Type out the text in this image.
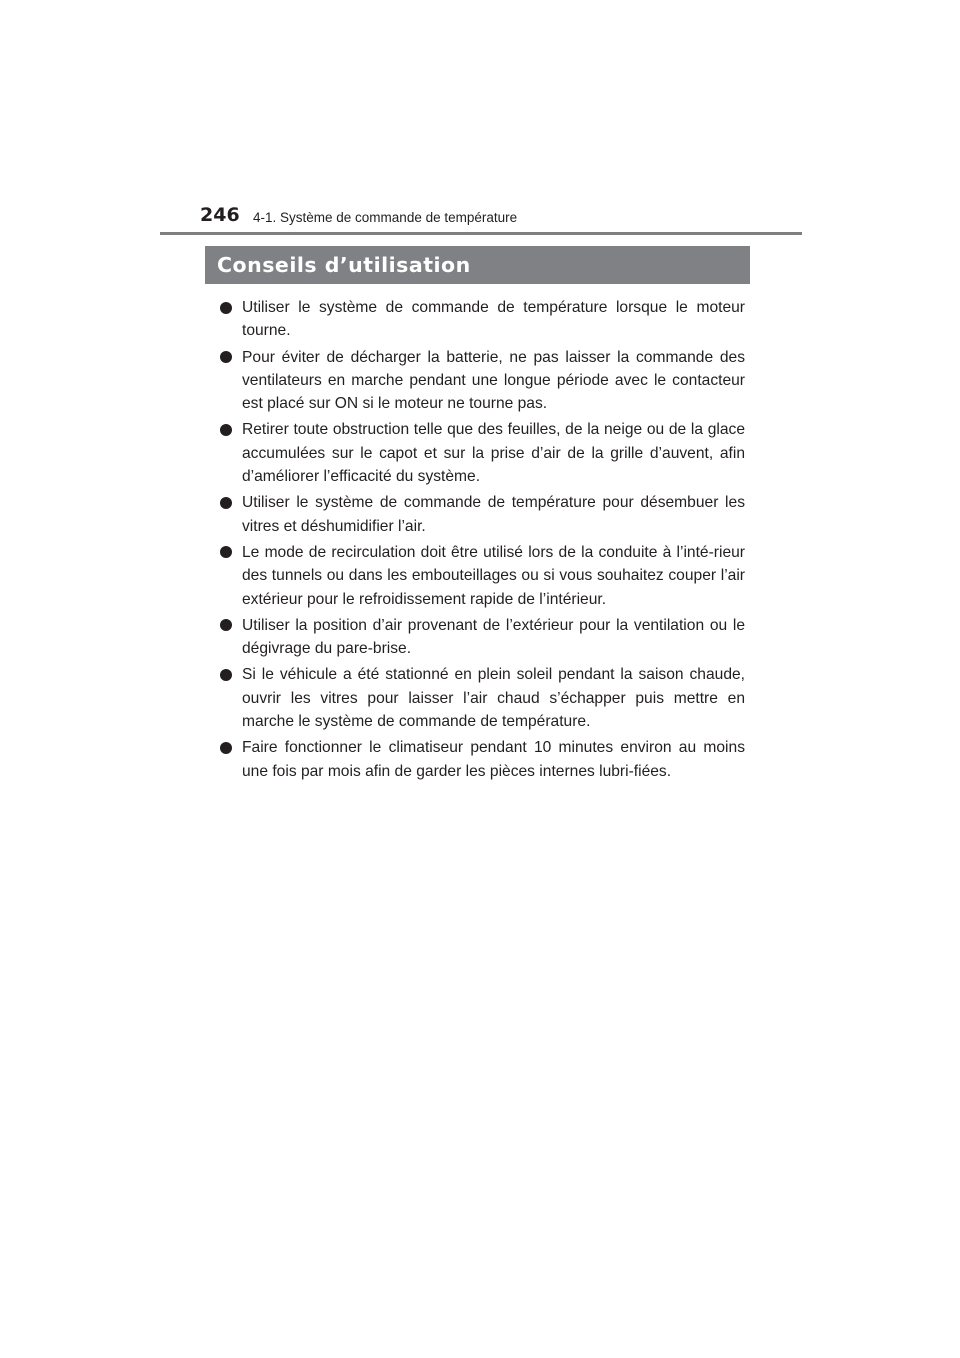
246 4-1. Système de commande de température
Conseils d’utilisation
Utiliser le système de commande de température lorsque le moteur tourne.
Pour éviter de décharger la batterie, ne pas laisser la commande des ventilateurs en marche pendant une longue période avec le contacteur est placé sur ON si le moteur ne tourne pas.
Retirer toute obstruction telle que des feuilles, de la neige ou de la glace accumulées sur le capot et sur la prise d’air de la grille d’auvent, afin d’améliorer l’efficacité du système.
Utiliser le système de commande de température pour désembuer les vitres et déshumidifier l’air.
Le mode de recirculation doit être utilisé lors de la conduite à l’inté-rieur des tunnels ou dans les embouteillages ou si vous souhaitez couper l’air extérieur pour le refroidissement rapide de l’intérieur.
Utiliser la position d’air provenant de l’extérieur pour la ventilation ou le dégivrage du pare-brise.
Si le véhicule a été stationné en plein soleil pendant la saison chaude, ouvrir les vitres pour laisser l’air chaud s’échapper puis mettre en marche le système de commande de température.
Faire fonctionner le climatiseur pendant 10 minutes environ au moins une fois par mois afin de garder les pièces internes lubri-fiées.
